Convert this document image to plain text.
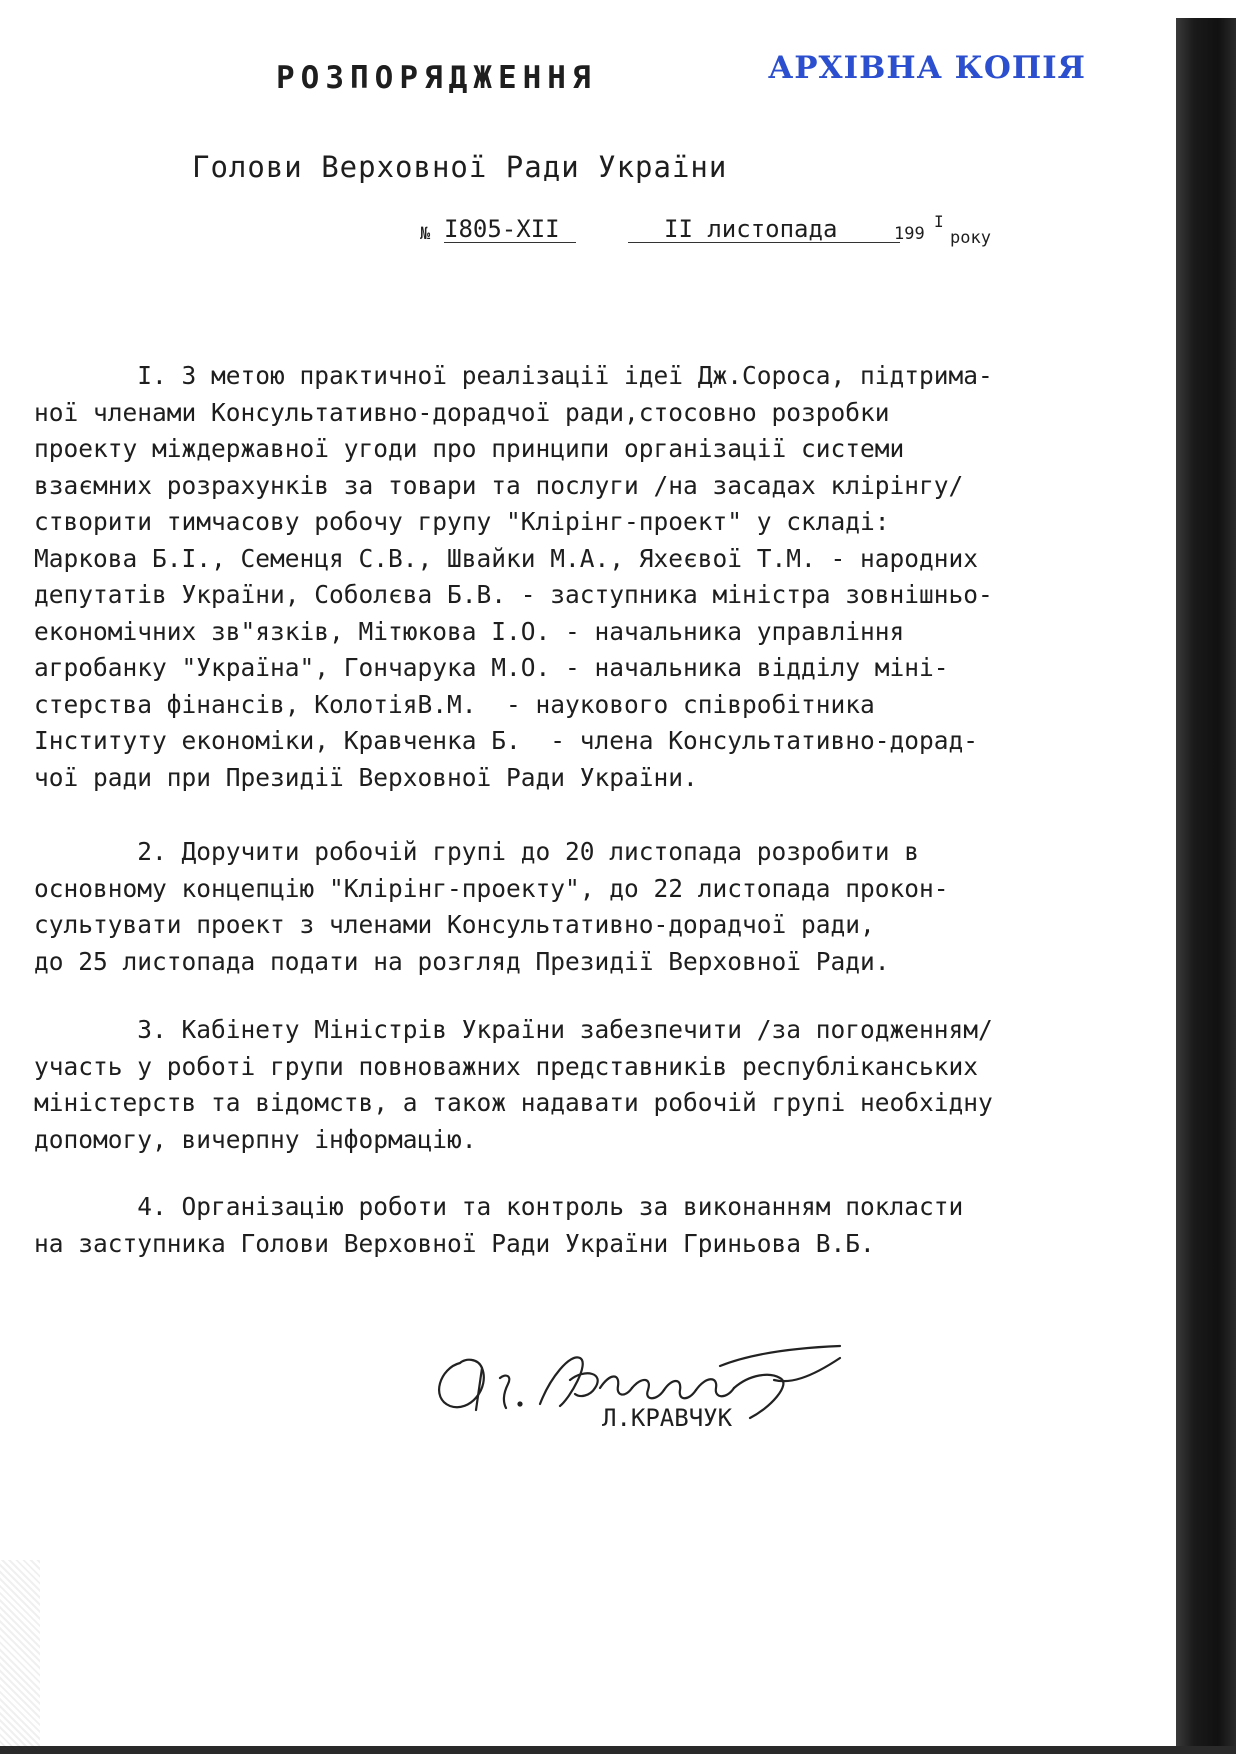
РОЗПОРЯДЖЕННЯ	АРХІВНА КОПІЯ
Голови Верховної Ради України
№ I805-XII	II листопада	199
I
року
I. З метою практичної реалізації ідеї Дж.Сороса, підтрима-
ної членами Консультативно-дорадчої ради,стосовно розробки
проекту міждержавної угоди про принципи організації системи
взаємних розрахунків за товари та послуги /на засадах клірінгу/
створити тимчасову робочу групу "Клірінг-проект" у складі:
Маркова Б.І., Семенця С.В., Швайки М.А., Яхеєвої Т.М. - народних
депутатів України, Соболєва Б.В. - заступника міністра зовнішньо-
економічних зв"язків, Мітюкова І.О. - начальника управління
агробанку "Україна", Гончарука М.О. - начальника відділу міні-
стерства фінансів, КолотіяВ.М.  - наукового співробітника
Інституту економіки, Кравченка Б.  - члена Консультативно-дорад-
чої ради при Президії Верховної Ради України.
2. Доручити робочій групі до 20 листопада розробити в
основному концепцію "Клірінг-проекту", до 22 листопада прокон-
сультувати проект з членами Консультативно-дорадчої ради,
до 25 листопада подати на розгляд Президії Верховної Ради.
3. Кабінету Міністрів України забезпечити /за погодженням/
участь у роботі групи повноважних представників республіканських
міністерств та відомств, а також надавати робочій групі необхідну
допомогу, вичерпну інформацію.
4. Організацію роботи та контроль за виконанням покласти
на заступника Голови Верховної Ради України Гриньова В.Б.
Л.КРАВЧУК
